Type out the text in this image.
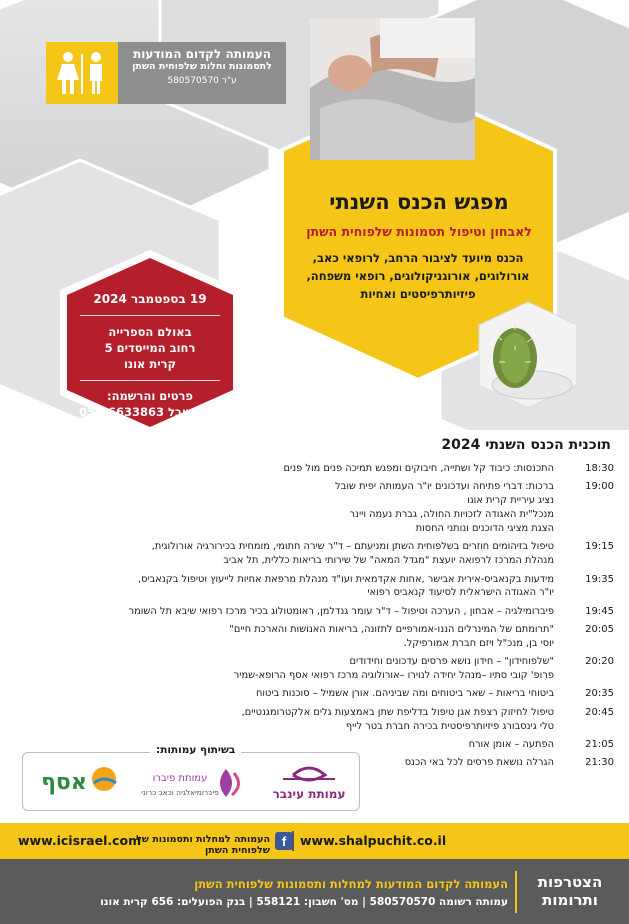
העמותה לקדום המודעות
לתסמונות וחלות שלפוחית השתן
ע"ר 580570570
מפגש הכנס השנתי
לאבחון וטיפול תסמונות שלפוחית השתן
הכנס מיועד לציבור הרחב, לרופאי כאב,
אורולוגים, אורוגניקולוגים, רופאי משפחה,
פיזיותרפיסטים ואחיות
19 בספטמבר 2024
באולם הספרייה
רחוב המייסדים 5
קרית אונו
פרטים והרשמה:
יפית שובל 052-6633863
תוכנית הכנס השנתי 2024
18:30
התכנסות: כיבוד קל ושתייה, חיבוקים ומפגש תמיכה פנים מול פנים
19:00
ברכות: דברי פתיחה ועדכונים יו"ר העמותה יפית שובל
נציג עיריית קרית אונו
מנכל"ית האגודה לזכויות החולה, גברת נעמה ויינר
הצגת מציגי הדוכנים ונותני החסות
19:15
טיפול בזיהומים חוזרים בשלפוחית השתן ומניעתם – ד"ר שירה חתומי, מומחית בכירורגיה אורולוגית,
מנהלת המרכז לרפואה יועצת "מגדל המאה" של שירותי בריאות כללית, תל אביב
19:35
מידעות בקנאביס-אירית אבישר ,אחות אקדמאית ועו"ד מנהלת מרפאת אחיות לייעוץ וטיפול בקנאביס,
יו"ר האגודה הישראלית לסיעוד קנאביס רפואי
19:45
פיברומילגיה – אבחון , הערכה וטיפול – ד"ר עומר גנדלמן, ראומטולוג בכיר מרכז רפואי שיבא תל השומר
20:05
"תרומתם של המינרלים הננו-אמורפיים לתזונה, בריאות האנושות והארכת חיים"
יוסי בן, מנכ"ל ויזם חברת אמורפיקל.
20:20
"שלפוחידון" – חידון נושא פרסים עדכונים וחידודים
פרופ' קובי סתיו –מנהל יחידה לנוירו –אורולוגיה מרכז רפואי אסף הרופא-שמיר
20:35
ביטוחי בריאות – שאר ביטוחים ומה שביניהם. אורן אשמיל – סוכנות ביטוח
20:45
טיפול לחיזוק רצפת אגן טיפול בדליפת שתן באמצעות גלים אלקטרומגנטיים,
טלי גינסבורג פיזיותרפיסטית בכירה חברת בטר לייף
21:05
הפתעה – אומן אורח
21:30
הגרלה נושאת פרסים לכל באי הכנס
אסף	עמותת פיברו
פיברומיאלגיה וכאב כרוני	עמותת עינבר
בשיתוף עמותות:
www.icisrael.com	www.shalpuchit.co.il
f
העמותה למחלות ותסמונות של שלפוחית השתן
הצטרפות ותרומות
העמותה לקדום המודעות למחלות ותסמונות שלפוחית השתן
עמותה רשומה 580570570 | מס' חשבון: 558121 | בנק הפועלים: 656 קרית אונו
